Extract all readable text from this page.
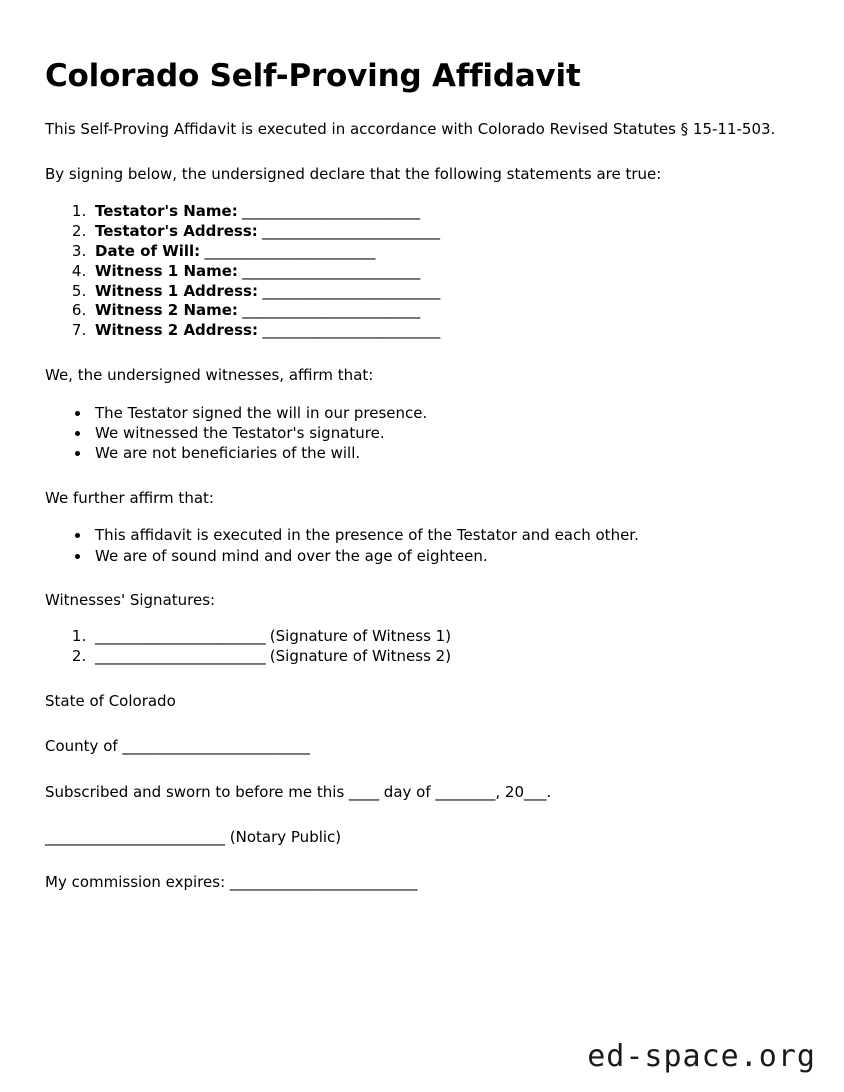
Colorado Self-Proving Affidavit

This Self-Proving Affidavit is executed in accordance with Colorado Revised Statutes § 15-11-503.

By signing below, the undersigned declare that the following statements are true:

1. Testator's Name: _________________________
2. Testator's Address: _________________________
3. Date of Will: ________________________
4. Witness 1 Name: _________________________
5. Witness 1 Address: _________________________
6. Witness 2 Name: _________________________
7. Witness 2 Address: _________________________

We, the undersigned witnesses, affirm that:

• The Testator signed the will in our presence.
• We witnessed the Testator's signature.
• We are not beneficiaries of the will.

We further affirm that:

• This affidavit is executed in the presence of the Testator and each other.
• We are of sound mind and over the age of eighteen.

Witnesses' Signatures:

1. ________________________ (Signature of Witness 1)
2. ________________________ (Signature of Witness 2)

State of Colorado

County of _________________________

Subscribed and sworn to before me this ____ day of ________, 20___.

________________________ (Notary Public)

My commission expires: _________________________

ed-space.org
